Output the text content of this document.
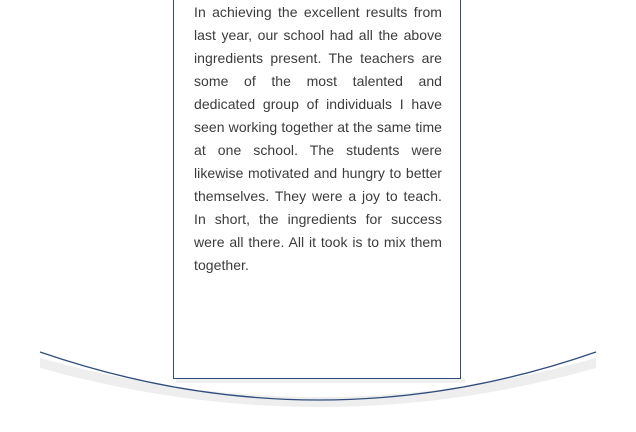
In achieving the excellent results from last year, our school had all the above ingredients present. The teachers are some of the most talented and dedicated group of individuals I have seen working together at the same time at one school. The students were likewise motivated and hungry to better themselves. They were a joy to teach. In short, the ingredients for success were all there. All it took is to mix them together.
